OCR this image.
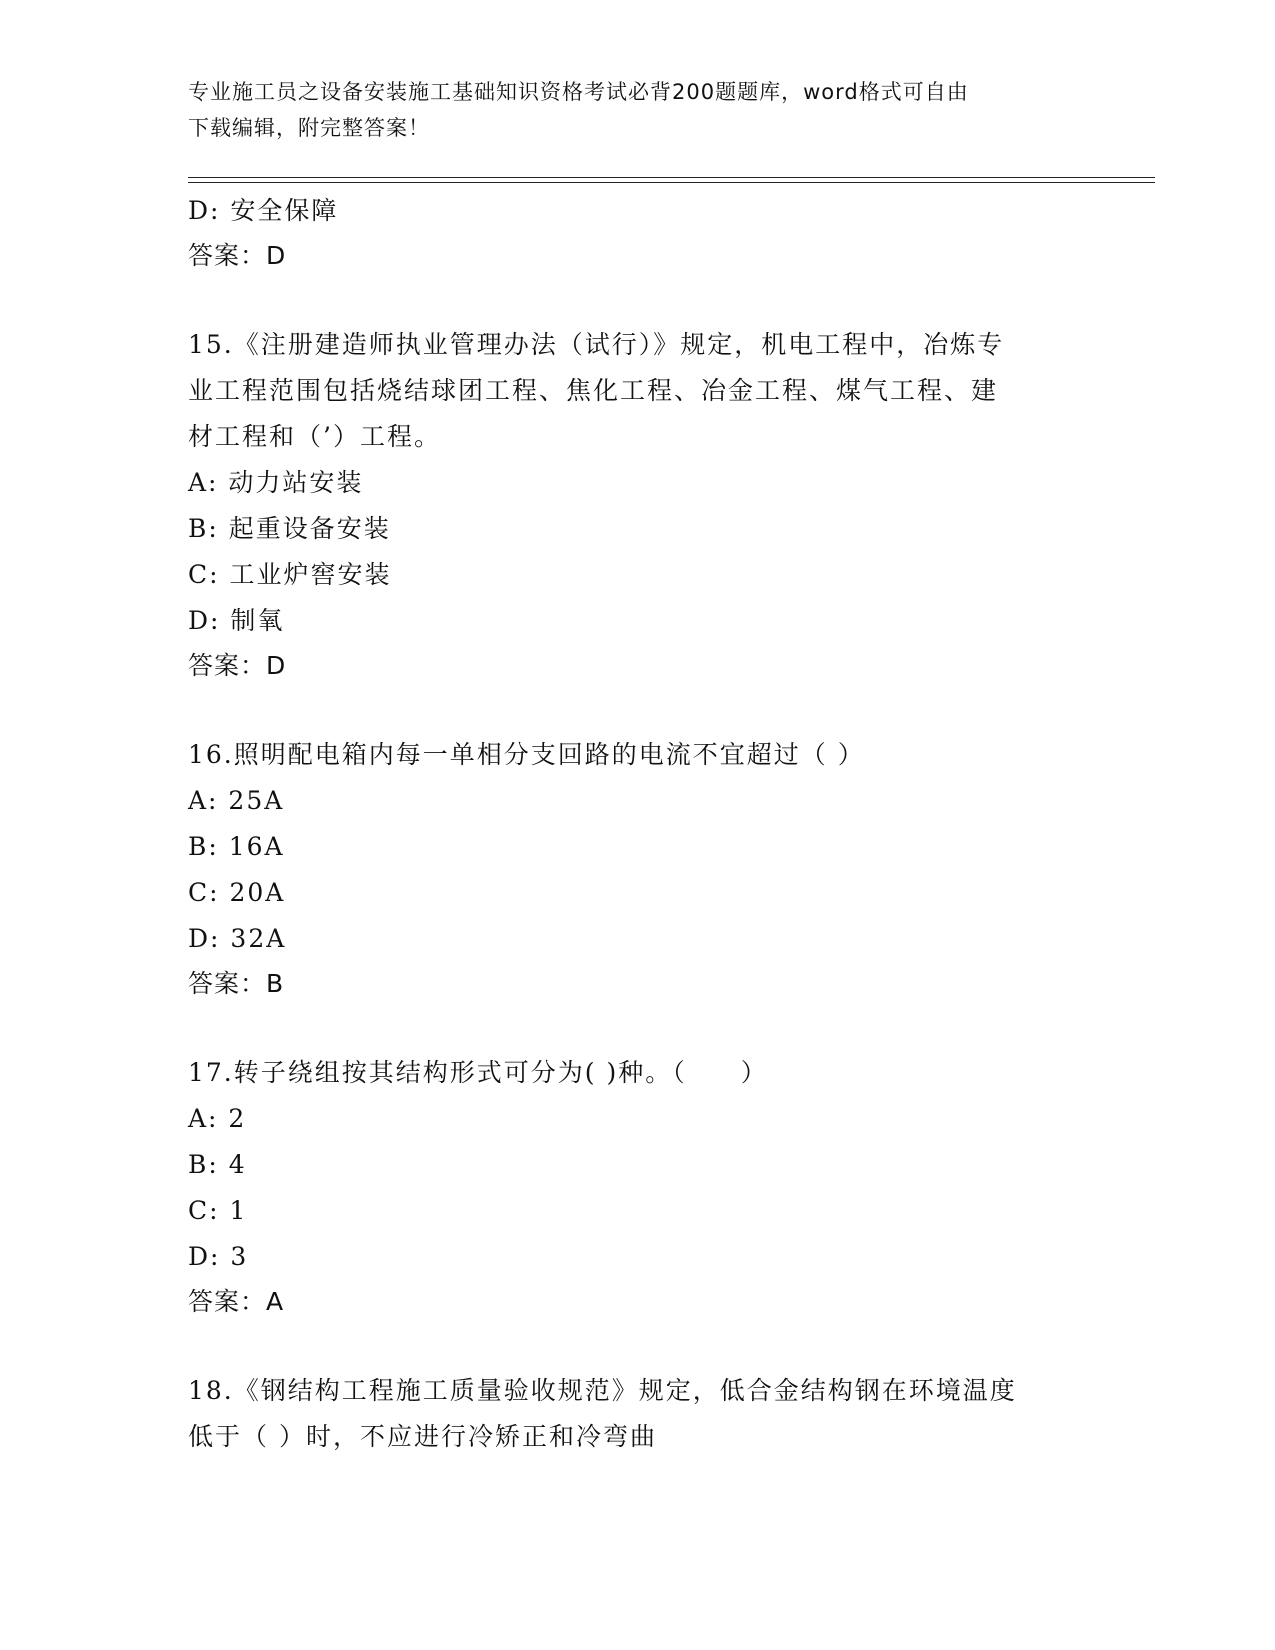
专业施工员之设备安装施工基础知识资格考试必背200题题库，word格式可自由
下载编辑，附完整答案！
D: 安全保障
答案：D
15.《注册建造师执业管理办法（试行）》规定，机电工程中，冶炼专
业工程范围包括烧结球团工程、焦化工程、冶金工程、煤气工程、建
材工程和（’）工程。
A: 动力站安装
B: 起重设备安装
C: 工业炉窖安装
D: 制氧
答案：D
16.照明配电箱内每一单相分支回路的电流不宜超过（ ）
A: 25A
B: 16A
C: 20A
D: 32A
答案：B
17.转子绕组按其结构形式可分为( )种。（　　）
A: 2
B: 4
C: 1
D: 3
答案：A
18.《钢结构工程施工质量验收规范》规定，低合金结构钢在环境温度
低于（ ）时，不应进行冷矫正和冷弯曲
